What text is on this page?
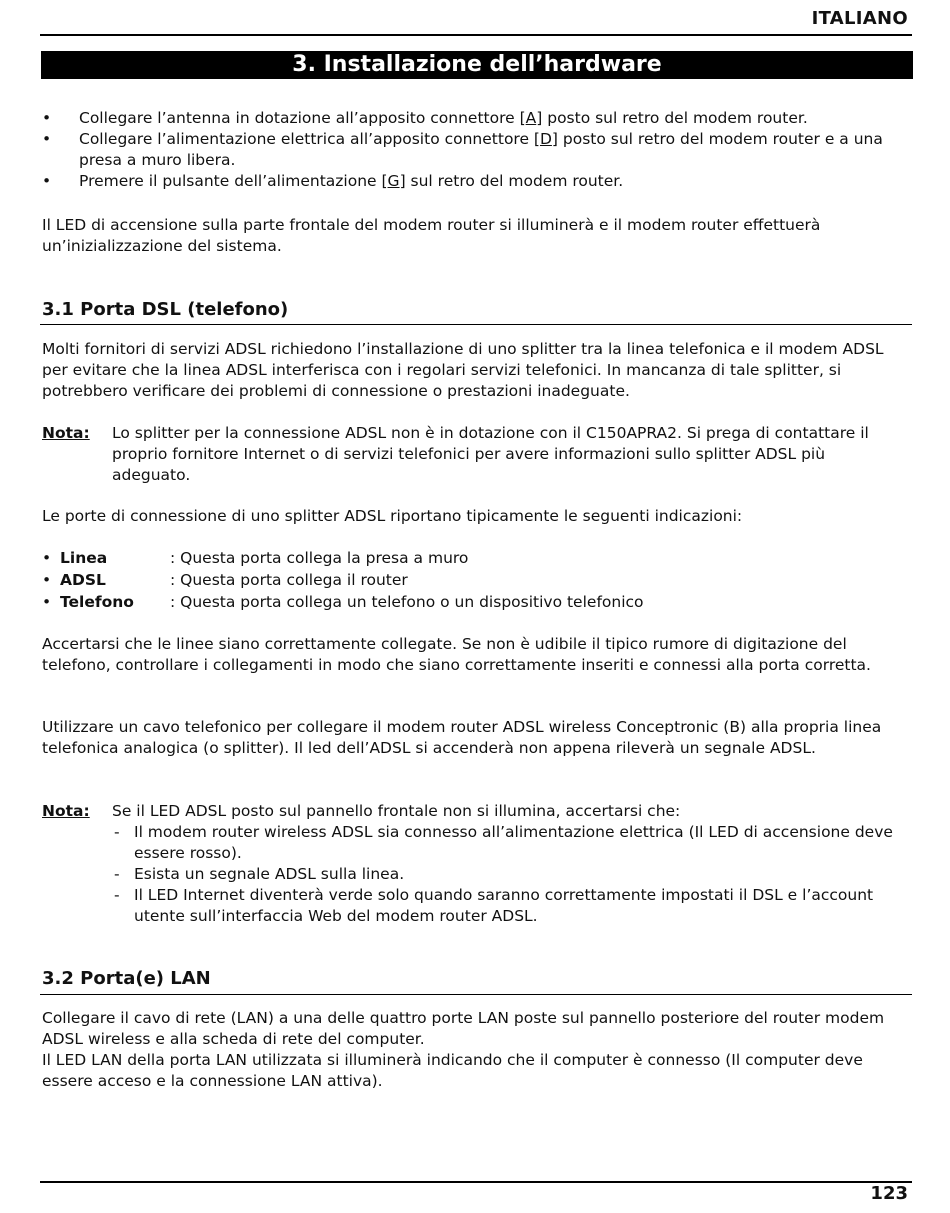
ITALIANO
3. Installazione dell’hardware
• Collegare l’antenna in dotazione all’apposito connettore [A] posto sul retro del modem router.
• Collegare l’alimentazione elettrica all’apposito connettore [D] posto sul retro del modem router e a una presa a muro libera.
• Premere il pulsante dell’alimentazione [G] sul retro del modem router.
Il LED di accensione sulla parte frontale del modem router si illuminerà e il modem router effettuerà un’inizializzazione del sistema.
3.1 Porta DSL (telefono)
Molti fornitori di servizi ADSL richiedono l’installazione di uno splitter tra la linea telefonica e il modem ADSL per evitare che la linea ADSL interferisca con i regolari servizi telefonici. In mancanza di tale splitter, si potrebbero verificare dei problemi di connessione o prestazioni inadeguate.
Nota: Lo splitter per la connessione ADSL non è in dotazione con il C150APRA2. Si prega di contattare il proprio fornitore Internet o di servizi telefonici per avere informazioni sullo splitter ADSL più adeguato.
Le porte di connessione di uno splitter ADSL riportano tipicamente le seguenti indicazioni:
• Linea	: Questa porta collega la presa a muro
• ADSL	: Questa porta collega il router
• Telefono : Questa porta collega un telefono o un dispositivo telefonico
Accertarsi che le linee siano correttamente collegate. Se non è udibile il tipico rumore di digitazione del telefono, controllare i collegamenti in modo che siano correttamente inseriti e connessi alla porta corretta.
Utilizzare un cavo telefonico per collegare il modem router ADSL wireless Conceptronic (B) alla propria linea telefonica analogica (o splitter). Il led dell’ADSL si accenderà non appena rileverà un segnale ADSL.
Nota: Se il LED ADSL posto sul pannello frontale non si illumina, accertarsi che:
- Il modem router wireless ADSL sia connesso all’alimentazione elettrica (Il LED di accensione deve essere rosso).
- Esista un segnale ADSL sulla linea.
- Il LED Internet diventerà verde solo quando saranno correttamente impostati il DSL e l’account utente sull’interfaccia Web del modem router ADSL.
3.2 Porta(e) LAN
Collegare il cavo di rete (LAN) a una delle quattro porte LAN poste sul pannello posteriore del router modem ADSL wireless e alla scheda di rete del computer.
Il LED LAN della porta LAN utilizzata si illuminerà indicando che il computer è connesso (Il computer deve essere acceso e la connessione LAN attiva).
123
